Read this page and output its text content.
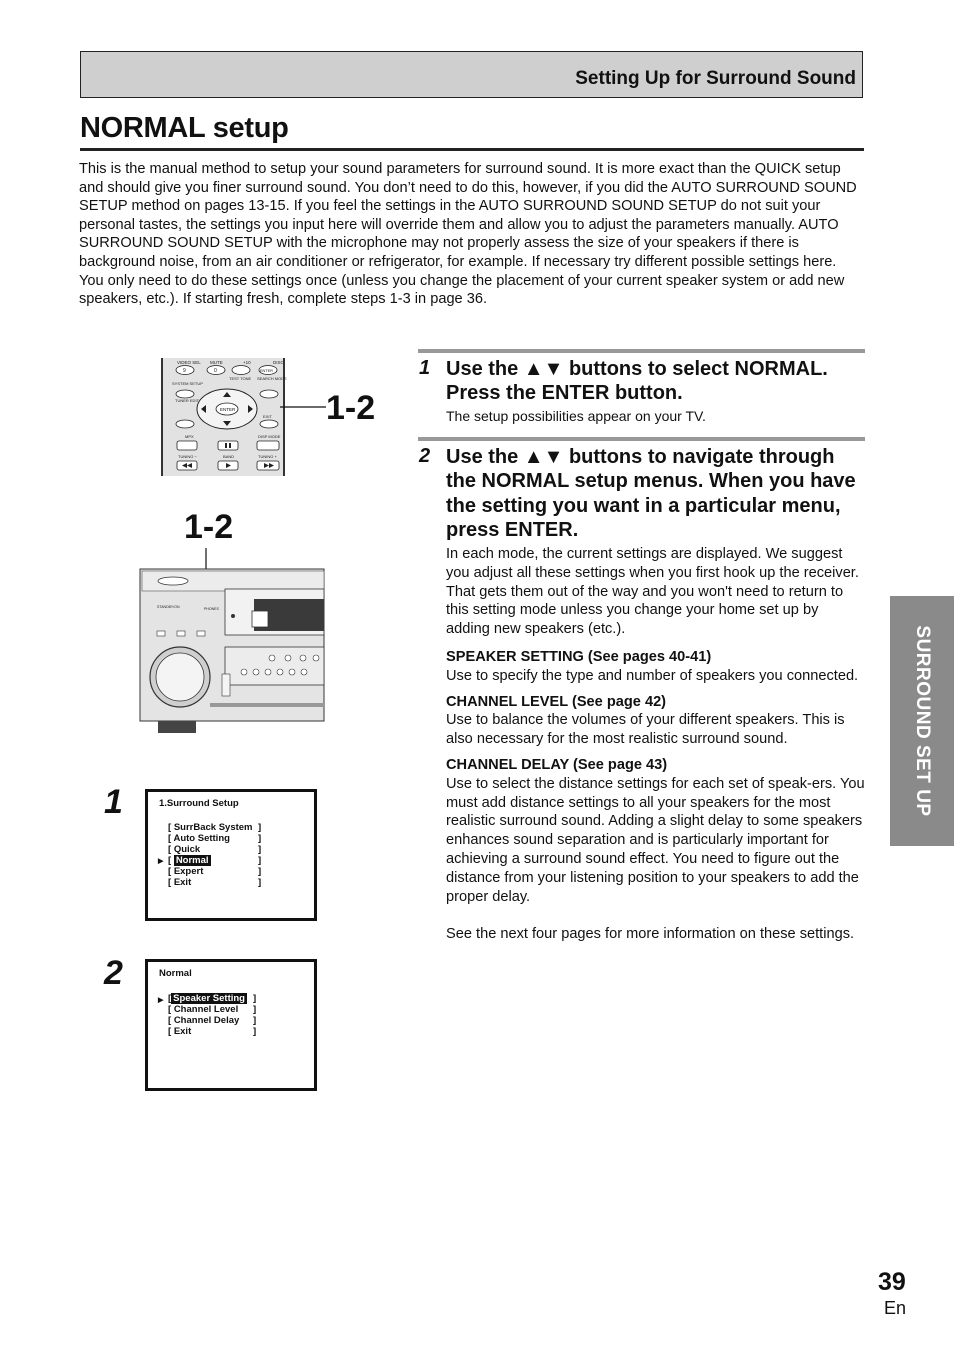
Setting Up for Surround Sound
NORMAL setup

This is the manual method to setup your sound parameters for surround sound. It is more exact than the QUICK setup and should give you finer surround sound. You don’t need to do this, however, if you did the AUTO SURROUND SOUND SETUP method on pages 13-15. If you feel the settings in the AUTO SURROUND SOUND SETUP do not suit your personal tastes, the settings you input here will override them and allow you to adjust the parameters manually. AUTO SURROUND SOUND SETUP with the microphone may not properly assess the size of your speakers if there is background noise, from an air conditioner or refrigerator, for example. If necessary try different possible settings here.

You only need to do these settings once (unless you change the placement of your current speaker system or add new speakers, etc.). If starting fresh, complete steps 1-3 in page 36.

1 Use the ▲▼ buttons to select NORMAL. Press the ENTER button.
The setup possibilities appear on your TV.
2 Use the ▲▼ buttons to navigate through the NORMAL setup menus. When you have the setting you want in a particular menu, press ENTER.

In each mode, the current settings are displayed. We suggest you adjust all these settings when you first hook up the receiver. That gets them out of the way and you won't need to return to this setting mode unless you change your home set up by adding new speakers (etc.).

SPEAKER SETTING (See pages 40-41)

Use to specify the type and number of speakers you connected.

CHANNEL LEVEL (See page 42)

Use to balance the volumes of your different speakers. This is also necessary for the most realistic surround sound.

CHANNEL DELAY (See page 43)

Use to select the distance settings for each set of speak-ers. You must add distance settings to all your speakers for the most realistic surround sound. Adding a slight delay to some speakers enhances sound separation and is particularly important for achieving a surround sound effect. You need to figure out the distance from your listening position to your speakers to add the proper delay.

See the next four pages for more information on these settings.

SURROUND SET UP
39
En
VIDEO SEL MUTE	+10	DISC
9	0	ENTER
SYSTEM SETUP
TEST TONE SEARCH MODE
TUNER EDIT
ENTER
EXIT
MPX	DISP MODE
TUNING −	BAND	TUNING +
1-2
1-2
STANDBY/ON	PHONES
1	1.Surround Setup
[ SurrBack System ]
[ Auto Setting	]
[ Quick	]
▶ [ Normal	]
[ Expert	]
[ Exit	]
2	Normal
▶ [ Speaker Setting ]
[ Channel Level ]
[ Channel Delay ]
[ Exit	]
